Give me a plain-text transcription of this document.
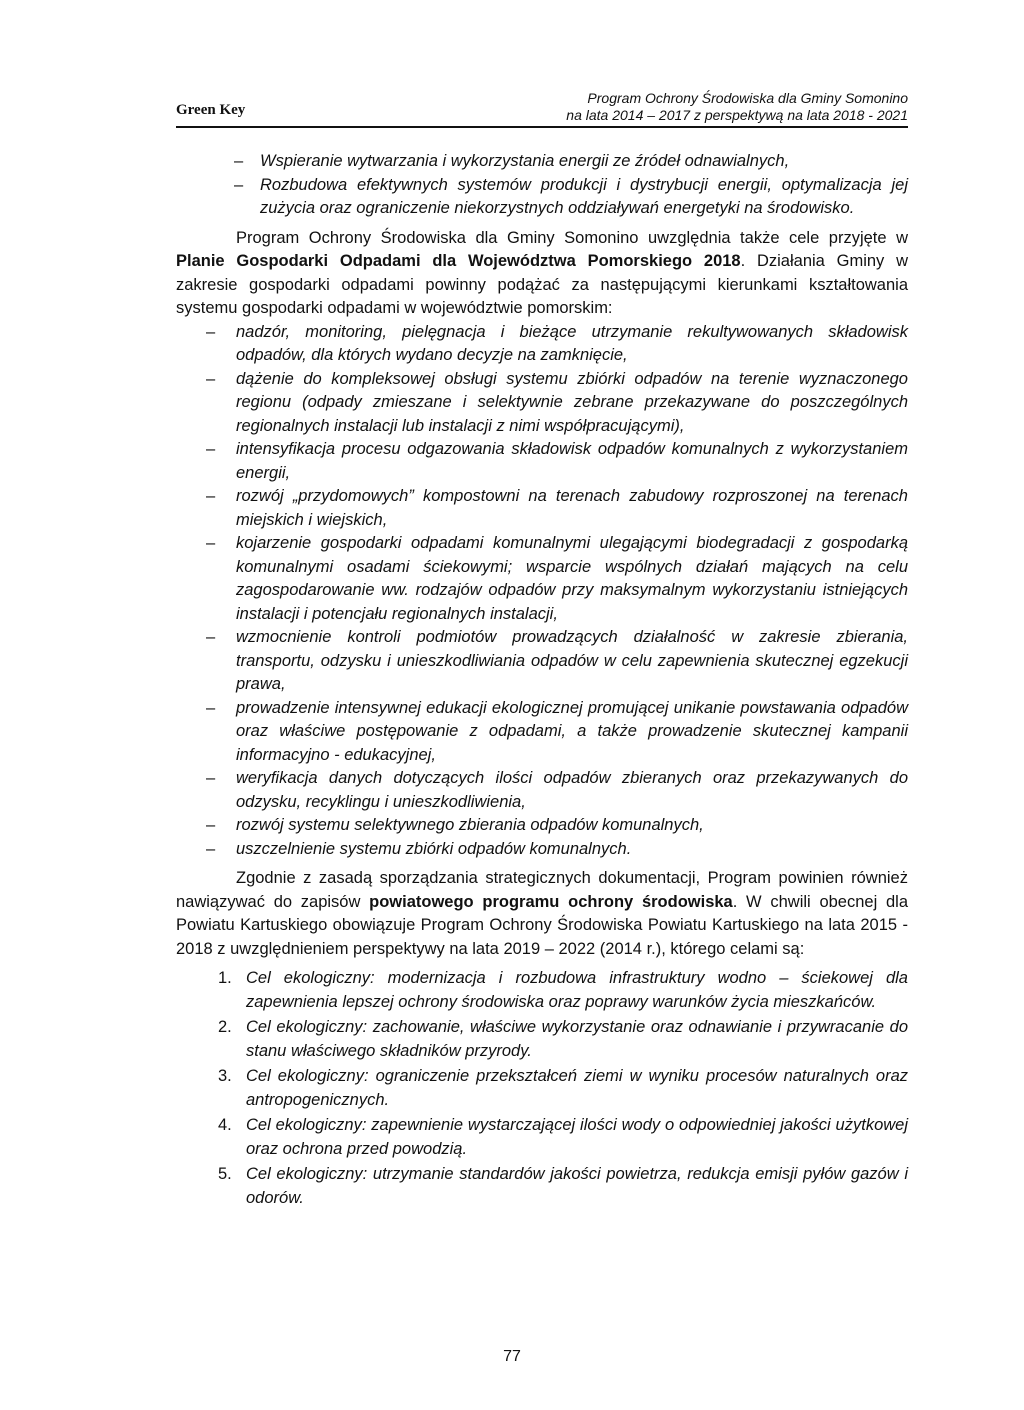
Green Key
Program Ochrony Środowiska dla Gminy Somonino
na lata 2014 – 2017 z perspektywą na lata 2018 - 2021
– Wspieranie wytwarzania i wykorzystania energii ze źródeł odnawialnych,
– Rozbudowa efektywnych systemów produkcji i dystrybucji energii, optymalizacja jej zużycia oraz ograniczenie niekorzystnych oddziaływań energetyki na środowisko.

Program Ochrony Środowiska dla Gminy Somonino uwzględnia także cele przyjęte w Planie Gospodarki Odpadami dla Województwa Pomorskiego 2018. Działania Gminy w zakresie gospodarki odpadami powinny podążać za następującymi kierunkami kształtowania systemu gospodarki odpadami w województwie pomorskim:

– nadzór, monitoring, pielęgnacja i bieżące utrzymanie rekultywowanych składowisk odpadów, dla których wydano decyzje na zamknięcie,
– dążenie do kompleksowej obsługi systemu zbiórki odpadów na terenie wyznaczonego regionu (odpady zmieszane i selektywnie zebrane przekazywane do poszczególnych regionalnych instalacji lub instalacji z nimi współpracującymi),
– intensyfikacja procesu odgazowania składowisk odpadów komunalnych z wykorzystaniem energii,
– rozwój „przydomowych” kompostowni na terenach zabudowy rozproszonej na terenach miejskich i wiejskich,
– kojarzenie gospodarki odpadami komunalnymi ulegającymi biodegradacji z gospodarką komunalnymi osadami ściekowymi; wsparcie wspólnych działań mających na celu zagospodarowanie ww. rodzajów odpadów przy maksymalnym wykorzystaniu istniejących instalacji i potencjału regionalnych instalacji,
– wzmocnienie kontroli podmiotów prowadzących działalność w zakresie zbierania, transportu, odzysku i unieszkodliwiania odpadów w celu zapewnienia skutecznej egzekucji prawa,
– prowadzenie intensywnej edukacji ekologicznej promującej unikanie powstawania odpadów oraz właściwe postępowanie z odpadami, a także prowadzenie skutecznej kampanii informacyjno - edukacyjnej,
– weryfikacja danych dotyczących ilości odpadów zbieranych oraz przekazywanych do odzysku, recyklingu i unieszkodliwienia,
– rozwój systemu selektywnego zbierania odpadów komunalnych,
– uszczelnienie systemu zbiórki odpadów komunalnych.

Zgodnie z zasadą sporządzania strategicznych dokumentacji, Program powinien również nawiązywać do zapisów powiatowego programu ochrony środowiska. W chwili obecnej dla Powiatu Kartuskiego obowiązuje Program Ochrony Środowiska Powiatu Kartuskiego na lata 2015 - 2018 z uwzględnieniem perspektywy na lata 2019 – 2022 (2014 r.), którego celami są:

1. Cel ekologiczny: modernizacja i rozbudowa infrastruktury wodno – ściekowej dla zapewnienia lepszej ochrony środowiska oraz poprawy warunków życia mieszkańców.
2. Cel ekologiczny: zachowanie, właściwe wykorzystanie oraz odnawianie i przywracanie do stanu właściwego składników przyrody.
3. Cel ekologiczny: ograniczenie przekształceń ziemi w wyniku procesów naturalnych oraz antropogenicznych.
4. Cel ekologiczny: zapewnienie wystarczającej ilości wody o odpowiedniej jakości użytkowej oraz ochrona przed powodzią.
5. Cel ekologiczny: utrzymanie standardów jakości powietrza, redukcja emisji pyłów gazów i odorów.
77
